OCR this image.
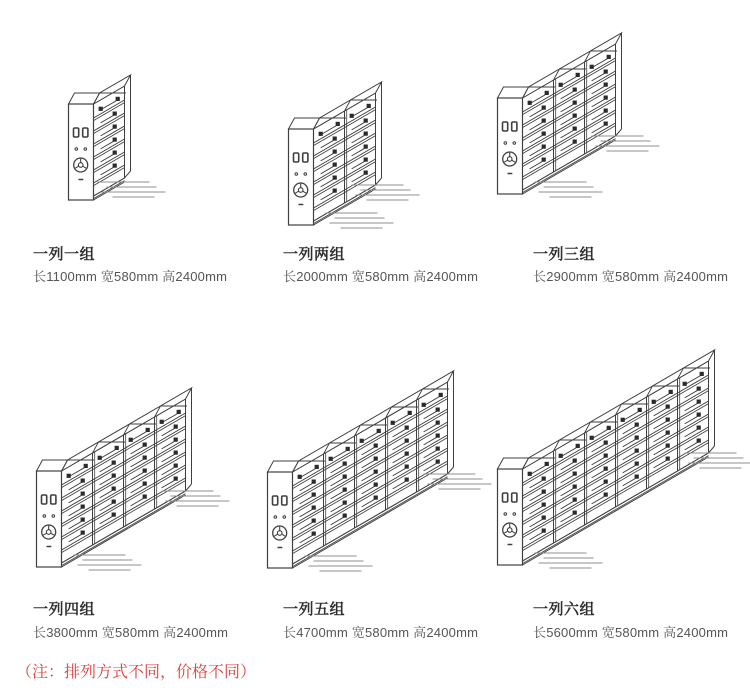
一列一组

长1100mm 宽580mm 高2400mm

一列两组

长2000mm 宽580mm 高2400mm

一列三组

长2900mm 宽580mm 高2400mm

一列四组

长3800mm 宽580mm 高2400mm

一列五组

长4700mm 宽580mm 高2400mm

一列六组

长5600mm 宽580mm 高2400mm

（注：排列方式不同，价格不同）
